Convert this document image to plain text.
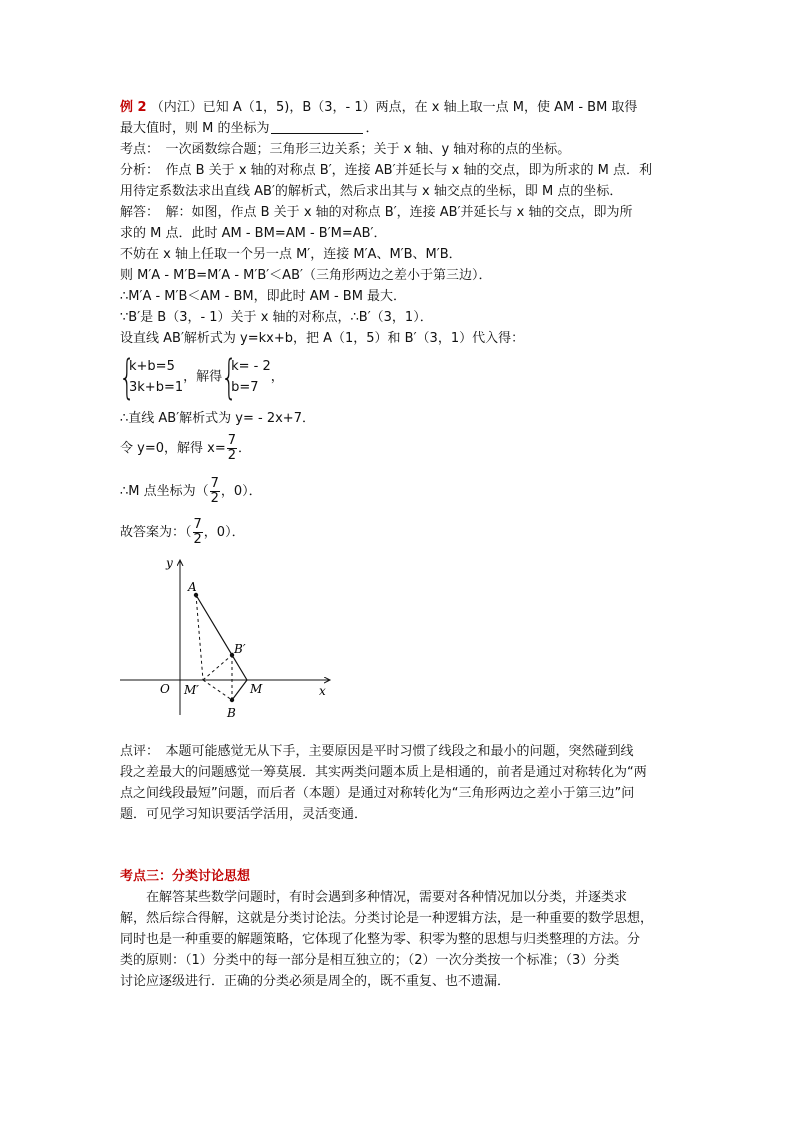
例 2 （内江）已知 A（1，5)，B（3，- 1）两点，在 x 轴上取一点 M，使 AM - BM 取得
最大值时，则 M 的坐标为	．
考点：　一次函数综合题；三角形三边关系；关于 x 轴、y 轴对称的点的坐标。
分析：　作点 B 关于 x 轴的对称点 B′，连接 AB′并延长与 x 轴的交点，即为所求的 M 点．利
用待定系数法求出直线 AB′的解析式，然后求出其与 x 轴交点的坐标，即 M 点的坐标．
解答：　解：如图，作点 B 关于 x 轴的对称点 B′，连接 AB′并延长与 x 轴的交点，即为所
求的 M 点．此时 AM - BM=AM - B′M=AB′．
不妨在 x 轴上任取一个另一点 M′，连接 M′A、M′B、M′B．
则 M′A - M′B=M′A - M′B′＜AB′（三角形两边之差小于第三边）．
∴M′A - M′B＜AM - BM，即此时 AM - BM 最大．
∵B′是 B（3，- 1）关于 x 轴的对称点，∴B′（3，1）．
设直线 AB′解析式为 y=kx+b，把 A（1，5）和 B′（3，1）代入得：
{
k+b=5
3k+b=1
，解得 {
k= - 2
b=7
，
∴直线 AB′解析式为 y= - 2x+7．
令 y=0，解得 $x= \frac{7}{2}$ ．
∴M 点坐标为（ $\frac{7}{2}$ ，0）．
故答案为：（ $\frac{7}{2}$ ，0）．
点评：　本题可能感觉无从下手，主要原因是平时习惯了线段之和最小的问题，突然碰到线
段之差最大的问题感觉一筹莫展．其实两类问题本质上是相通的，前者是通过对称转化为“两
点之间线段最短”问题，而后者（本题）是通过对称转化为“三角形两边之差小于第三边”问
题．可见学习知识要活学活用，灵活变通．
考点三：分类讨论思想
在解答某些数学问题时，有时会遇到多种情况，需要对各种情况加以分类，并逐类求
解，然后综合得解，这就是分类讨论法。分类讨论是一种逻辑方法，是一种重要的数学思想，
同时也是一种重要的解题策略，它体现了化整为零、积零为整的思想与归类整理的方法。分
类的原则：（1）分类中的每一部分是相互独立的；（2）一次分类按一个标准；（3）分类
讨论应逐级进行．正确的分类必须是周全的，既不重复、也不遗漏．
y
x
O
A
B′
M′	M
B
